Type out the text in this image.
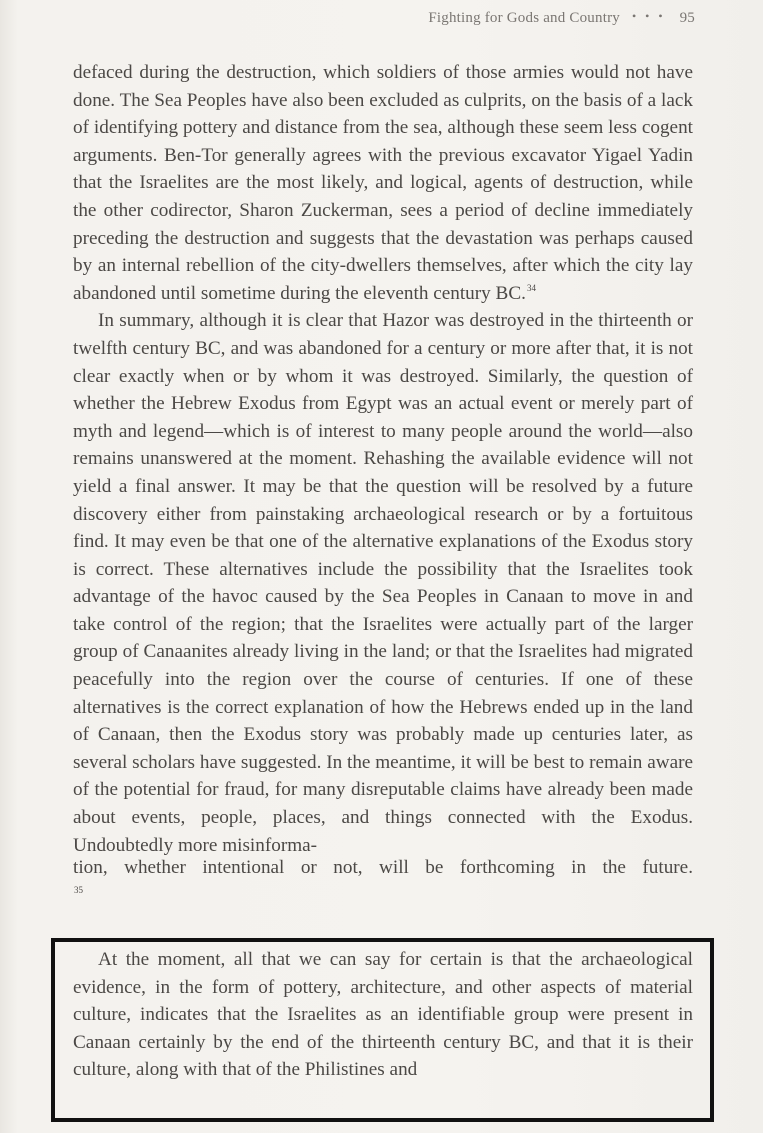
Fighting for Gods and Country • • • 95

defaced during the destruction, which soldiers of those armies would not have done. The Sea Peoples have also been excluded as culprits, on the basis of a lack of identifying pottery and distance from the sea, although these seem less cogent arguments. Ben-Tor generally agrees with the previous excavator Yigael Yadin that the Israelites are the most likely, and logical, agents of destruction, while the other codirector, Sharon Zuckerman, sees a period of decline immediately preceding the destruction and suggests that the devastation was perhaps caused by an internal rebellion of the city-dwellers themselves, after which the city lay abandoned until sometime during the eleventh century BC.$^{34}$

In summary, although it is clear that Hazor was destroyed in the thirteenth or twelfth century BC, and was abandoned for a century or more after that, it is not clear exactly when or by whom it was destroyed. Similarly, the question of whether the Hebrew Exodus from Egypt was an actual event or merely part of myth and legend—which is of interest to many people around the world—also remains unanswered at the moment. Rehashing the available evidence will not yield a final answer. It may be that the question will be resolved by a future discovery either from painstaking archaeological research or by a fortuitous find. It may even be that one of the alternative explanations of the Exodus story is correct. These alternatives include the possibility that the Israelites took advantage of the havoc caused by the Sea Peoples in Canaan to move in and take control of the region; that the Israelites were actually part of the larger group of Canaanites already living in the land; or that the Israelites had migrated peacefully into the region over the course of centuries. If one of these alternatives is the correct explanation of how the Hebrews ended up in the land of Canaan, then the Exodus story was probably made up centuries later, as several scholars have suggested. In the meantime, it will be best to remain aware of the potential for fraud, for many disreputable claims have already been made about events, people, places, and things connected with the Exodus. Undoubtedly more misinforma-

tion, whether intentional or not, will be forthcoming in the future.
$^{35}$

At the moment, all that we can say for certain is that the archaeological evidence, in the form of pottery, architecture, and other aspects of material culture, indicates that the Israelites as an identifiable group were present in Canaan certainly by the end of the thirteenth century BC, and that it is their culture, along with that of the Philistines and
